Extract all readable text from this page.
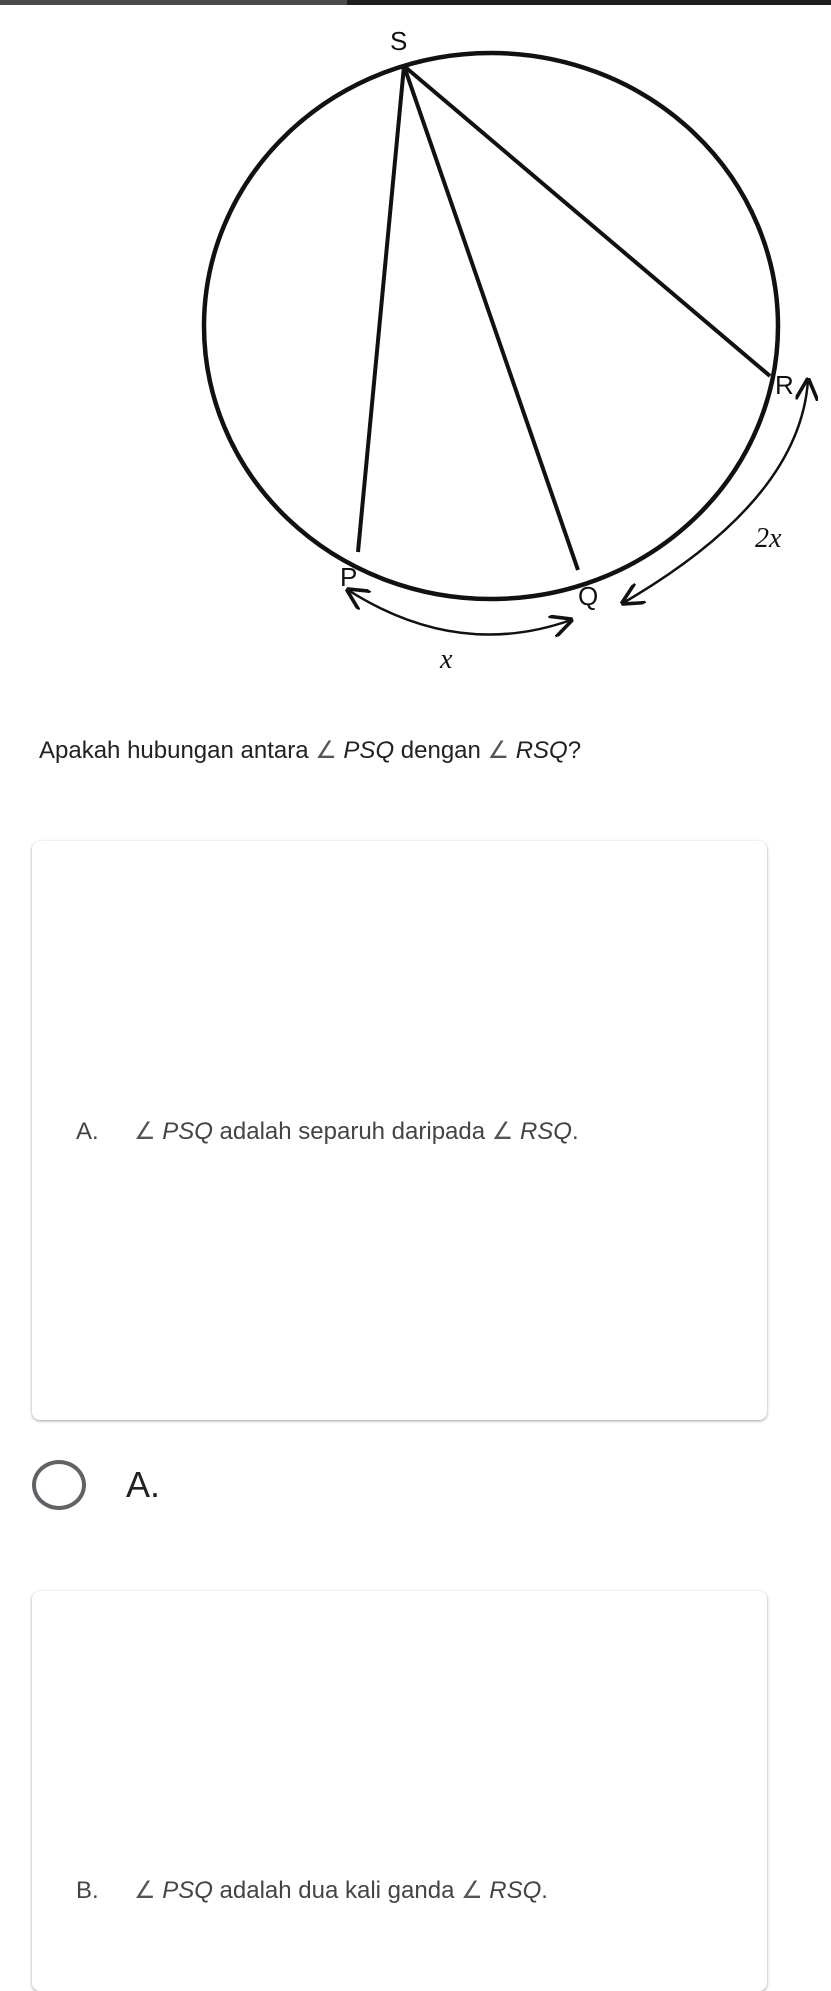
S
R
P
Q
2x
x
Apakah hubungan antara ∠ PSQ dengan ∠ RSQ?
A. ∠ PSQ adalah separuh daripada ∠ RSQ.
A.
B. ∠ PSQ adalah dua kali ganda ∠ RSQ.
